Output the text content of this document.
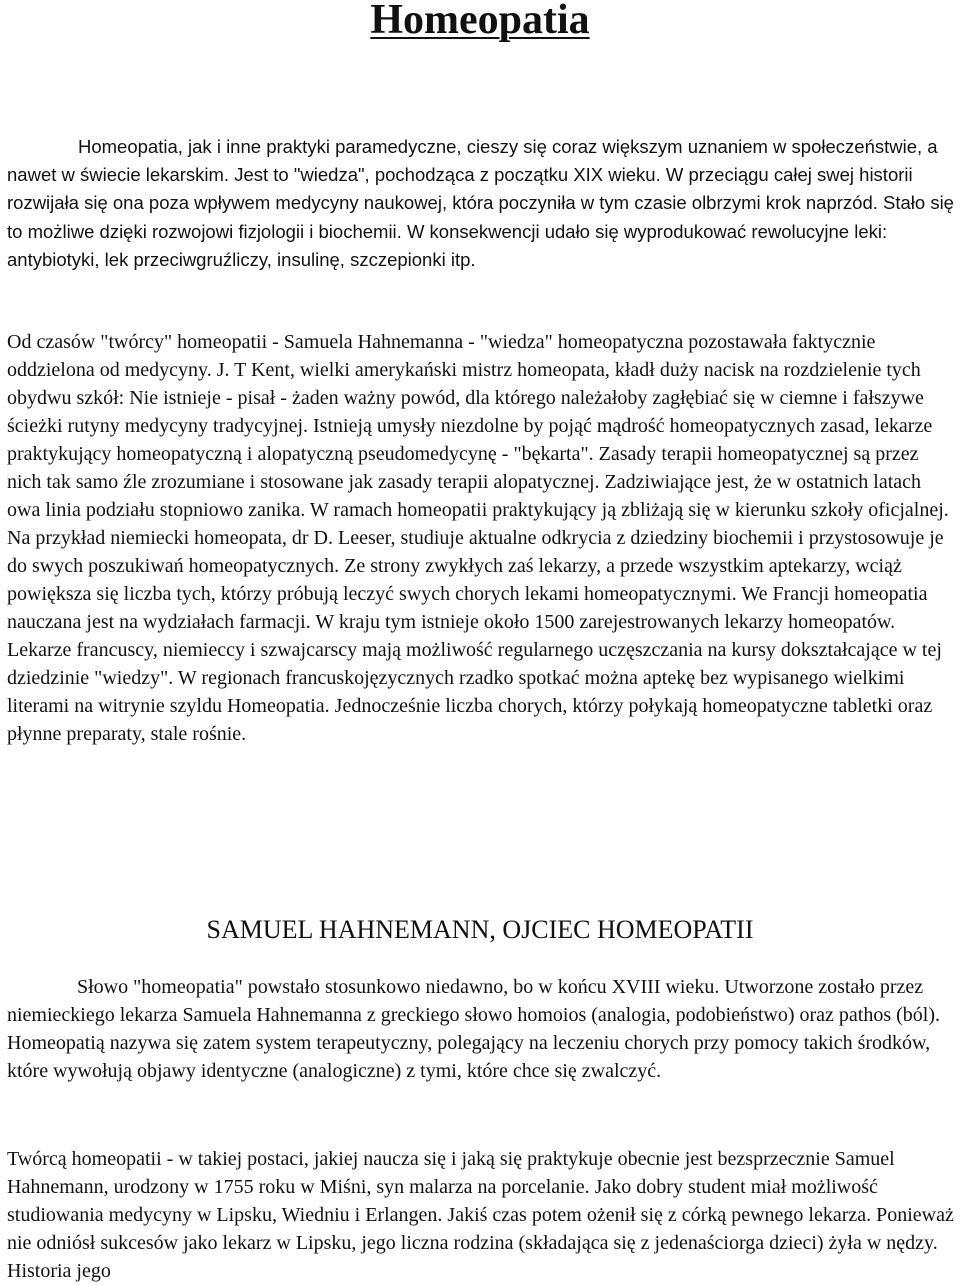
Homeopatia

Homeopatia, jak i inne praktyki paramedyczne, cieszy się coraz większym uznaniem w społeczeństwie, a nawet w świecie lekarskim. Jest to "wiedza", pochodząca z początku XIX wieku. W przeciągu całej swej historii rozwijała się ona poza wpływem medycyny naukowej, która poczyniła w tym czasie olbrzymi krok naprzód. Stało się to możliwe dzięki rozwojowi fizjologii i biochemii. W konsekwencji udało się wyprodukować rewolucyjne leki: antybiotyki, lek przeciwgruźliczy, insulinę, szczepionki itp.

Od czasów "twórcy" homeopatii - Samuela Hahnemanna - "wiedza" homeopatyczna pozostawała faktycznie oddzielona od medycyny. J. T Kent, wielki amerykański mistrz homeopata, kładł duży nacisk na rozdzielenie tych obydwu szkół: Nie istnieje - pisał - żaden ważny powód, dla którego należałoby zagłębiać się w ciemne i fałszywe ścieżki rutyny medycyny tradycyjnej. Istnieją umysły niezdolne by pojąć mądrość homeopatycznych zasad, lekarze praktykujący homeopatyczną i alopatyczną pseudomedycynę - "bękarta". Zasady terapii homeopatycznej są przez nich tak samo źle zrozumiane i stosowane jak zasady terapii alopatycznej. Zadziwiające jest, że w ostatnich latach owa linia podziału stopniowo zanika. W ramach homeopatii praktykujący ją zbliżają się w kierunku szkoły oficjalnej. Na przykład niemiecki homeopata, dr D. Leeser, studiuje aktualne odkrycia z dziedziny biochemii i przystosowuje je do swych poszukiwań homeopatycznych. Ze strony zwykłych zaś lekarzy, a przede wszystkim aptekarzy, wciąż powiększa się liczba tych, którzy próbują leczyć swych chorych lekami homeopatycznymi. We Francji homeopatia nauczana jest na wydziałach farmacji. W kraju tym istnieje około 1500 zarejestrowanych lekarzy homeopatów. Lekarze francuscy, niemieccy i szwajcarscy mają możliwość regularnego uczęszczania na kursy dokształcające w tej dziedzinie "wiedzy". W regionach francuskojęzycznych rzadko spotkać można aptekę bez wypisanego wielkimi literami na witrynie szyldu Homeopatia. Jednocześnie liczba chorych, którzy połykają homeopatyczne tabletki oraz płynne preparaty, stale rośnie.

SAMUEL HAHNEMANN, OJCIEC HOMEOPATII

Słowo "homeopatia" powstało stosunkowo niedawno, bo w końcu XVIII wieku. Utworzone zostało przez niemieckiego lekarza Samuela Hahnemanna z greckiego słowo homoios (analogia, podobieństwo) oraz pathos (ból). Homeopatią nazywa się zatem system terapeutyczny, polegający na leczeniu chorych przy pomocy takich środków, które wywołują objawy identyczne (analogiczne) z tymi, które chce się zwalczyć.

Twórcą homeopatii - w takiej postaci, jakiej naucza się i jaką się praktykuje obecnie jest bezsprzecznie Samuel Hahnemann, urodzony w 1755 roku w Miśni, syn malarza na porcelanie. Jako dobry student miał możliwość studiowania medycyny w Lipsku, Wiedniu i Erlangen. Jakiś czas potem ożenił się z córką pewnego lekarza. Ponieważ nie odniósł sukcesów jako lekarz w Lipsku, jego liczna rodzina (składająca się z jedenaściorga dzieci) żyła w nędzy. Historia jego
